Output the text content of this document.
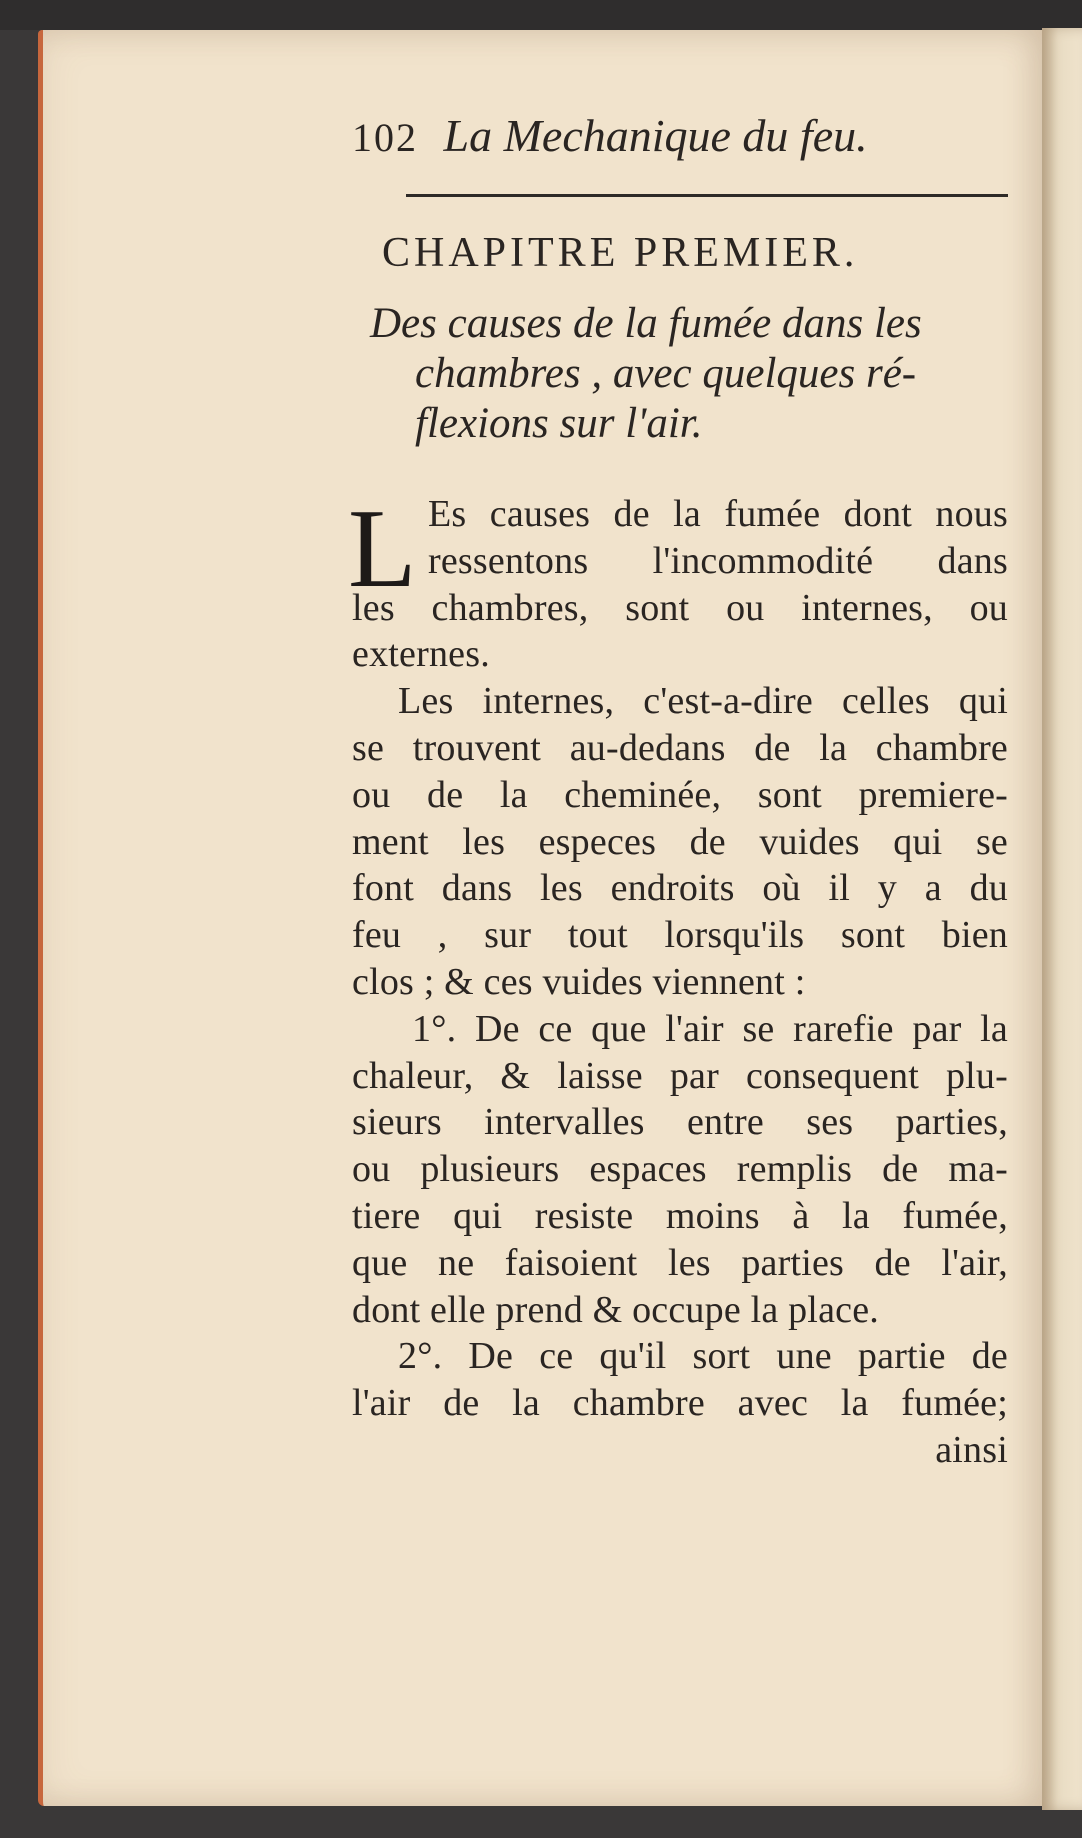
102 La Mechanique du feu.
CHAPITRE PREMIER.
Des causes de la fumée dans les
chambres , avec quelques ré-
flexions sur l'air.
L Es causes de la fumée dont nous
ressentons l'incommodité dans
les chambres, sont ou internes, ou
externes.
Les internes, c'est-a-dire celles qui
se trouvent au-dedans de la chambre
ou de la cheminée, sont premiere-
ment les especes de vuides qui se
font dans les endroits où il y a du
feu , sur tout lorsqu'ils sont bien
clos ; & ces vuides viennent :
1°. De ce que l'air se rarefie par la
chaleur, & laisse par consequent plu-
sieurs intervalles entre ses parties,
ou plusieurs espaces remplis de ma-
tiere qui resiste moins à la fumée,
que ne faisoient les parties de l'air,
dont elle prend & occupe la place.
2°. De ce qu'il sort une partie de
l'air de la chambre avec la fumée;
ainsi
